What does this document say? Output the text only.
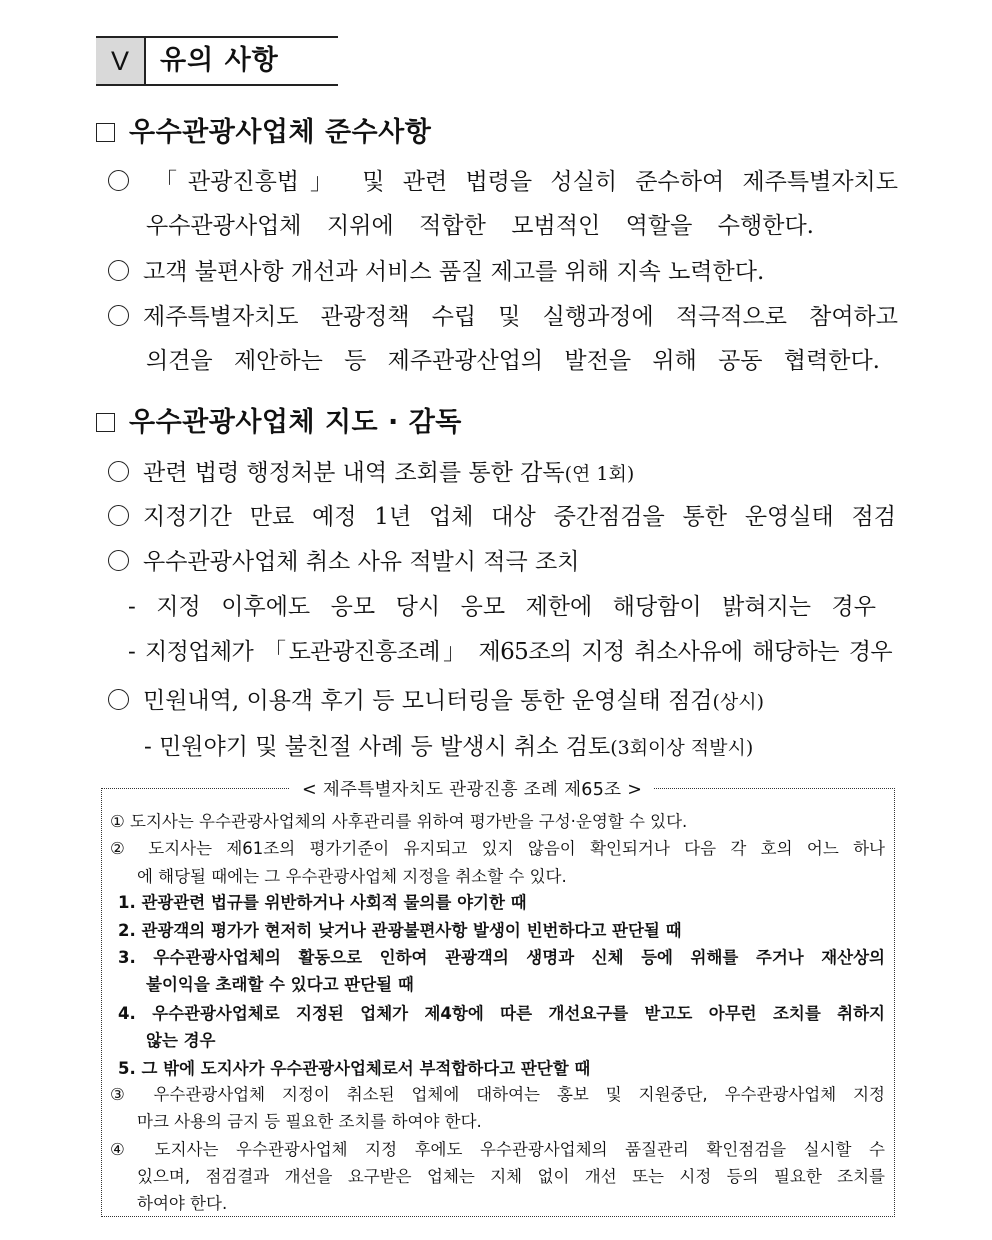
V	유의 사항
우수관광사업체 준수사항
「관광진흥법」 및 관련 법령을 성실히 준수하여 제주특별자치도
우수관광사업체 지위에 적합한 모범적인 역할을 수행한다.
고객 불편사항 개선과 서비스 품질 제고를 위해 지속 노력한다.
제주특별자치도 관광정책 수립 및 실행과정에 적극적으로 참여하고
의견을 제안하는 등 제주관광산업의 발전을 위해 공동 협력한다.
우수관광사업체 지도 · 감독
관련 법령 행정처분 내역 조회를 통한 감독(연 1회)
지정기간 만료 예정 1년 업체 대상 중간점검을 통한 운영실태 점검
우수관광사업체 취소 사유 적발시 적극 조치
- 지정 이후에도 응모 당시 응모 제한에 해당함이 밝혀지는 경우
- 지정업체가 「도관광진흥조례」 제65조의 지정 취소사유에 해당하는 경우
민원내역, 이용객 후기 등 모니터링을 통한 운영실태 점검(상시)
- 민원야기 및 불친절 사례 등 발생시 취소 검토(3회이상 적발시)
< 제주특별자치도 관광진흥 조례 제65조 >
① 도지사는 우수관광사업체의 사후관리를 위하여 평가반을 구성·운영할 수 있다.
② 도지사는 제61조의 평가기준이 유지되고 있지 않음이 확인되거나 다음 각 호의 어느 하나
에 해당될 때에는 그 우수관광사업체 지정을 취소할 수 있다.
1. 관광관련 법규를 위반하거나 사회적 물의를 야기한 때
2. 관광객의 평가가 현저히 낮거나 관광불편사항 발생이 빈번하다고 판단될 때
3. 우수관광사업체의 활동으로 인하여 관광객의 생명과 신체 등에 위해를 주거나 재산상의
불이익을 초래할 수 있다고 판단될 때
4. 우수관광사업체로 지정된 업체가 제4항에 따른 개선요구를 받고도 아무런 조치를 취하지
않는 경우
5. 그 밖에 도지사가 우수관광사업체로서 부적합하다고 판단할 때
③ 우수관광사업체 지정이 취소된 업체에 대하여는 홍보 및 지원중단, 우수관광사업체 지정
마크 사용의 금지 등 필요한 조치를 하여야 한다.
④ 도지사는 우수관광사업체 지정 후에도 우수관광사업체의 품질관리 확인점검을 실시할 수
있으며, 점검결과 개선을 요구받은 업체는 지체 없이 개선 또는 시정 등의 필요한 조치를
하여야 한다.
